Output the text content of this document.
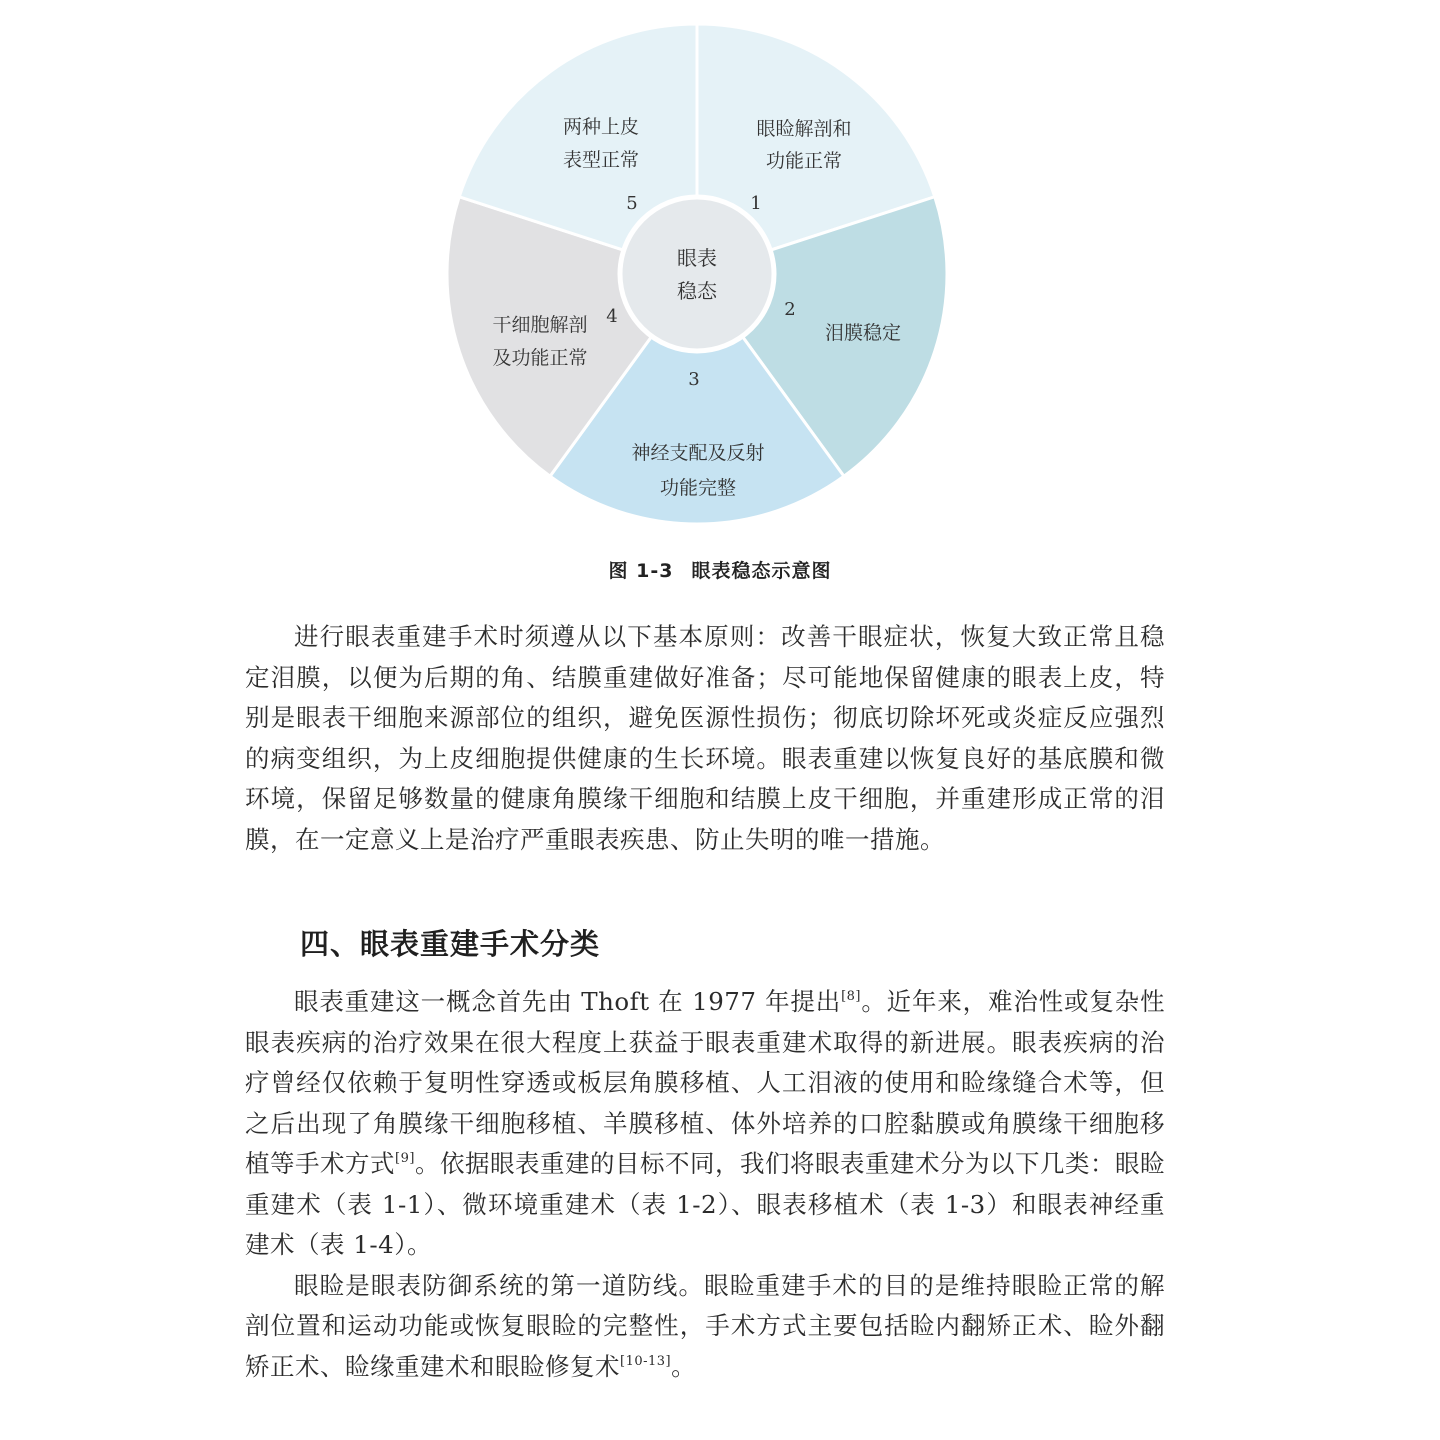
眼表
稳态
眼睑解剖和
功能正常
1
泪膜稳定
2
神经支配及反射
功能完整
3
干细胞解剖
及功能正常
4
两种上皮
表型正常
5
图 1-3 眼表稳态示意图

进行眼表重建手术时须遵从以下基本原则：改善干眼症状，恢复大致正常且稳定泪膜，以便为后期的角、结膜重建做好准备；尽可能地保留健康的眼表上皮，特别是眼表干细胞来源部位的组织，避免医源性损伤；彻底切除坏死或炎症反应强烈的病变组织，为上皮细胞提供健康的生长环境。眼表重建以恢复良好的基底膜和微环境，保留足够数量的健康角膜缘干细胞和结膜上皮干细胞，并重建形成正常的泪膜，在一定意义上是治疗严重眼表疾患、防止失明的唯一措施。

四、眼表重建手术分类

眼表重建这一概念首先由 Thoft 在 1977 年提出[8]。近年来，难治性或复杂性眼表疾病的治疗效果在很大程度上获益于眼表重建术取得的新进展。眼表疾病的治疗曾经仅依赖于复明性穿透或板层角膜移植、人工泪液的使用和睑缘缝合术等，但之后出现了角膜缘干细胞移植、羊膜移植、体外培养的口腔黏膜或角膜缘干细胞移植等手术方式[9]。依据眼表重建的目标不同，我们将眼表重建术分为以下几类：眼睑重建术（表 1-1）、微环境重建术（表 1-2）、眼表移植术（表 1-3）和眼表神经重建术（表 1-4）。

眼睑是眼表防御系统的第一道防线。眼睑重建手术的目的是维持眼睑正常的解剖位置和运动功能或恢复眼睑的完整性，手术方式主要包括睑内翻矫正术、睑外翻矫正术、睑缘重建术和眼睑修复术[10-13]。
